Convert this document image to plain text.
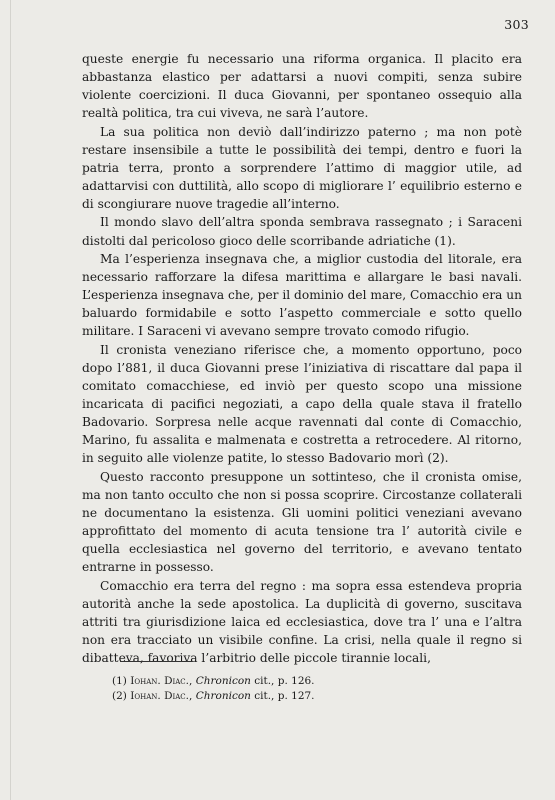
303

queste energie fu necessario una riforma organica. Il placito era abbastanza elastico per adattarsi a nuovi compiti, senza subire violente coercizioni. Il duca Giovanni, per spontaneo ossequio alla realtà politica, tra cui viveva, ne sarà l’autore.

La sua politica non deviò dall’indirizzo paterno ; ma non potè restare insensibile a tutte le possibilità dei tempi, dentro e fuori la patria terra, pronto a sorprendere l’attimo di maggior utile, ad adattarvisi con duttilità, allo scopo di migliorare l’ equilibrio esterno e di scongiurare nuove tragedie all’interno.

Il mondo slavo dell’altra sponda sembrava rassegnato ; i Saraceni distolti dal pericoloso gioco delle scorribande adriatiche (1).

Ma l’esperienza insegnava che, a miglior custodia del litorale, era necessario rafforzare la difesa marittima e allargare le basi navali. L’esperienza insegnava che, per il dominio del mare, Comacchio era un baluardo formidabile e sotto l’aspetto commerciale e sotto quello militare. I Saraceni vi avevano sempre trovato comodo rifugio.

Il cronista veneziano riferisce che, a momento opportuno, poco dopo l’881, il duca Giovanni prese l’iniziativa di riscattare dal papa il comitato comacchiese, ed inviò per questo scopo una missione incaricata di pacifici negoziati, a capo della quale stava il fratello Badovario. Sorpresa nelle acque ravennati dal conte di Comacchio, Marino, fu assalita e malmenata e costretta a retrocedere. Al ritorno, in seguito alle violenze patite, lo stesso Badovario morì (2).

Questo racconto presuppone un sottinteso, che il cronista omise, ma non tanto occulto che non si possa scoprire. Circostanze collaterali ne documentano la esistenza. Gli uomini politici veneziani avevano approfittato del momento di acuta tensione tra l’ autorità civile e quella ecclesiastica nel governo del territorio, e avevano tentato entrarne in possesso.

Comacchio era terra del regno : ma sopra essa estendeva propria autorità anche la sede apostolica. La duplicità di governo, suscitava attriti tra giurisdizione laica ed ecclesiastica, dove tra l’ una e l’altra non era tracciato un visibile confine. La crisi, nella quale il regno si dibatteva, favoriva l’arbitrio delle piccole tirannie locali,

(1) Iohan. Diac., Chronicon cit., p. 126.
(2) Iohan. Diac., Chronicon cit., p. 127.
